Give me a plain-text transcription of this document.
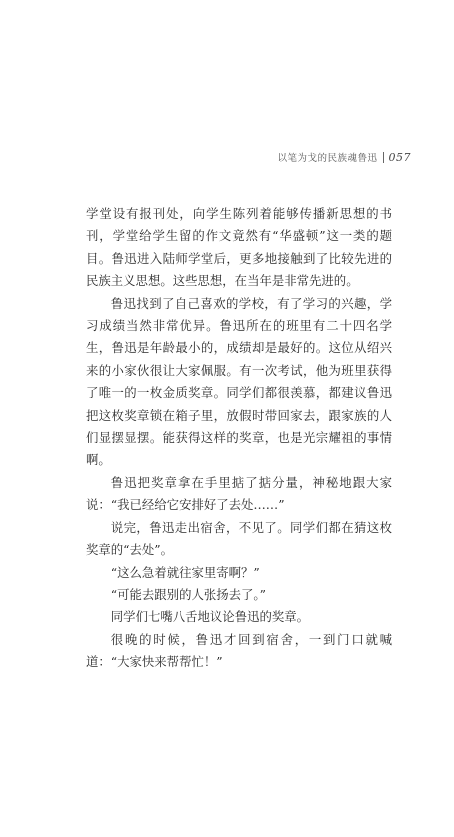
以笔为戈的民族魂鲁迅 057

学堂设有报刊处，向学生陈列着能够传播新思想的书刊，学堂给学生留的作文竟然有“华盛顿”这一类的题目。鲁迅进入陆师学堂后，更多地接触到了比较先进的民族主义思想。这些思想，在当年是非常先进的。

鲁迅找到了自己喜欢的学校，有了学习的兴趣，学习成绩当然非常优异。鲁迅所在的班里有二十四名学生，鲁迅是年龄最小的，成绩却是最好的。这位从绍兴来的小家伙很让大家佩服。有一次考试，他为班里获得了唯一的一枚金质奖章。同学们都很羡慕，都建议鲁迅把这枚奖章锁在箱子里，放假时带回家去，跟家族的人们显摆显摆。能获得这样的奖章，也是光宗耀祖的事情啊。

鲁迅把奖章拿在手里掂了掂分量，神秘地跟大家说：“我已经给它安排好了去处……”

说完，鲁迅走出宿舍，不见了。同学们都在猜这枚奖章的“去处”。

“这么急着就往家里寄啊？”

“可能去跟别的人张扬去了。”

同学们七嘴八舌地议论鲁迅的奖章。

很晚的时候，鲁迅才回到宿舍，一到门口就喊道：“大家快来帮帮忙！”
